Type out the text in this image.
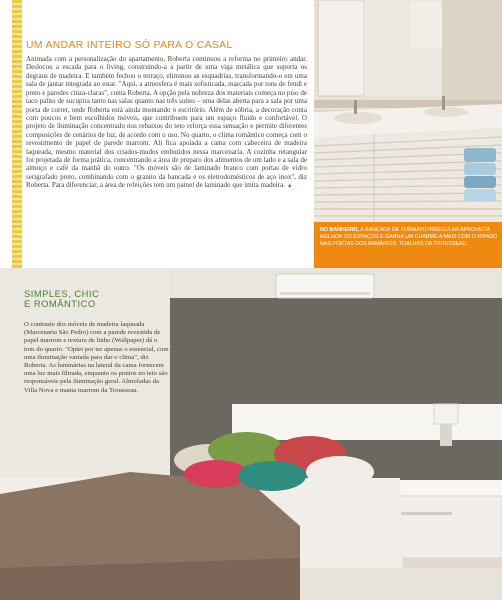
UM ANDAR INTEIRO SÓ PARA O CASAL

Animada com a personalização do apartamento, Roberta continuou a reforma no primeiro andar. Deslocou a escada para o living, construindo-a a partir de uma viga metálica que suporta os degraus de madeira. E também fechou o terraço, eliminou as esquadrias, transformando-o em uma sala de jantar integrada ao estar. "Aqui, a atmosfera é mais sofisticada, marcada por tons de fendi e preto e paredes cinza-claras", conta Roberta. A opção pela nobreza dos materiais começa no piso de taco palito de sucupira tanto nas salas quanto nas três suítes – uma delas aberta para a sala por uma porta de correr, onde Roberta está ainda montando o escritório. Além de sóbria, a decoração conta com poucos e bem escolhidos móveis, que contribuem para um espaço fluido e confortável. O projeto de iluminação concentrado nos rebaixos do teto reforça essa sensação e permite diferentes composições de cenários de luz, de acordo com o uso. No quarto, o clima romântico começa com o revestimento de papel de parede marrom. Ali fica apoiada a cama com cabeceira de madeira laqueada, mesmo material dos criados-mudos embutidos nessa marcenaria. A cozinha retangular foi projetada de forma prática, concentrando a área de preparo dos alimentos de um lado e a sala de almoço e café da manhã do outro. "Os móveis são de laminado branco com portas de vidro serigrafado preto, combinando com o granito da bancada e os eletrodomésticos de aço inox", diz Roberta. Para diferenciar, a área de refeições tem um painel de laminado que imita madeira. ▲

NO BANHEIRO, A BANCADA DE FORMATO IRREGULAR APROVEITA MELHOR OS ESPAÇOS E GANHA UM CHARME A MAIS COM O RIPADO NAS PORTAS DOS ARMÁRIOS. TOALHAS DA TROUSSEAU.

SIMPLES, CHIC
E ROMÂNTICO

O contraste dos móveis de madeira laqueada (Marcenaria São Pedro) com a parede revestida de papel marrom e textura de linho (Wallpaper) dá o tom do quarto. "Optei por ter apenas o essencial, com uma iluminação variada para dar o clima", diz Roberta. As luminárias na lateral da cama fornecem uma luz mais filtrada, enquanto os pontos no teto são responsáveis pela iluminação geral. Almofadas da Villa Nova e manta marrom da Trousseau.
